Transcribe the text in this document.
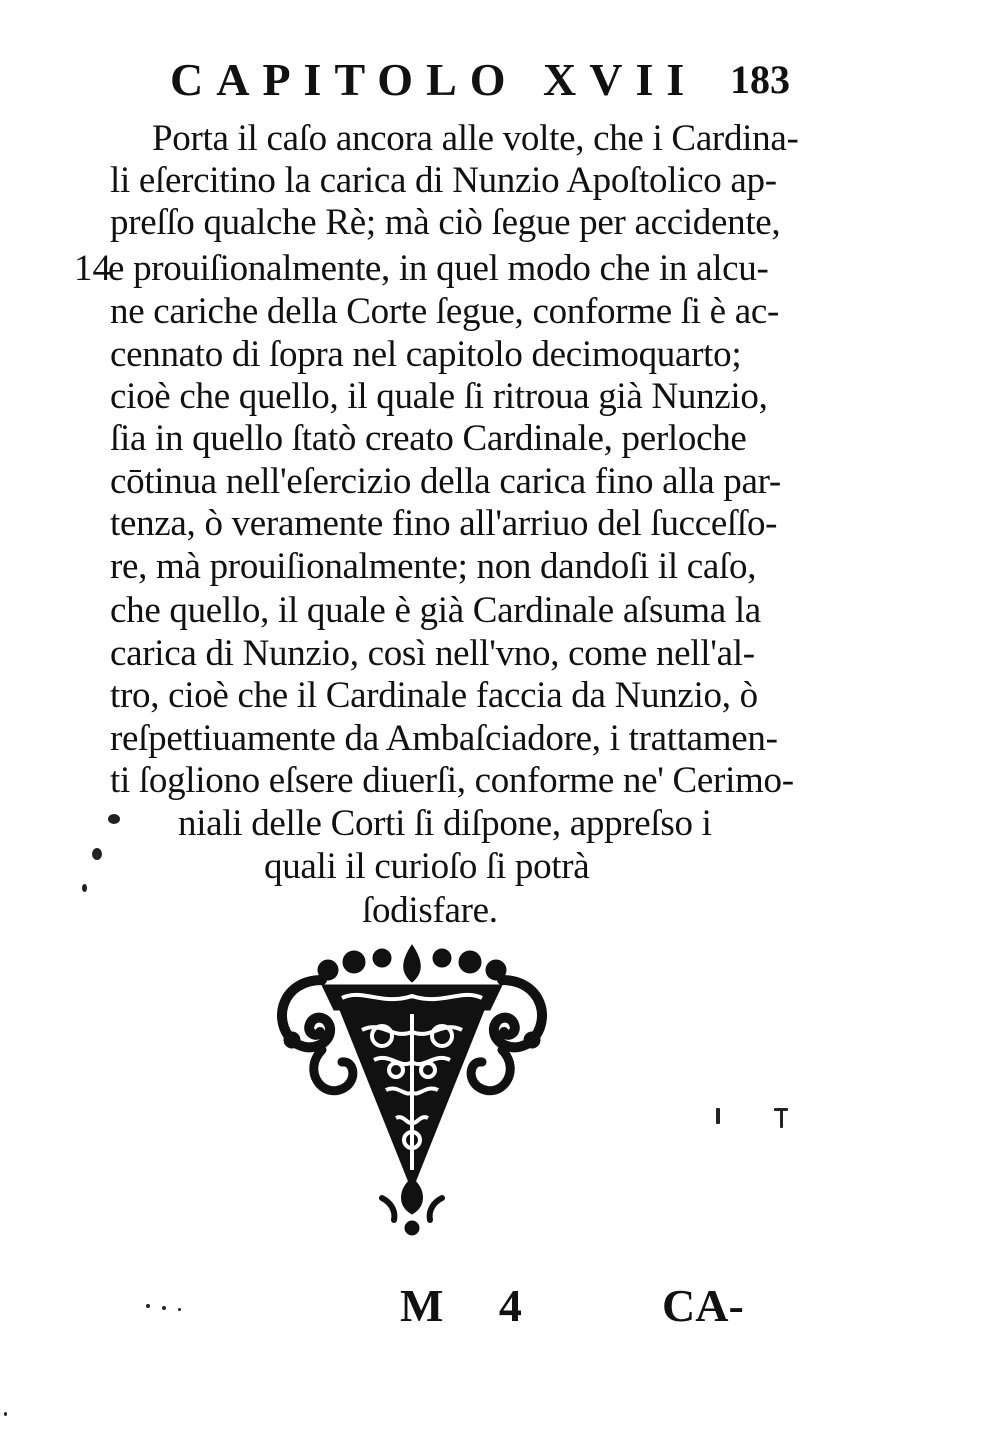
CAPITOLO XVII 183
14
Porta il caſo ancora alle volte, che i Cardina-
li eſercitino la carica di Nunzio Apoſtolico ap-
preſſo qualche Rè; mà ciò ſegue per accidente,
e prouiſionalmente, in quel modo che in alcu-
ne cariche della Corte ſegue, conforme ſi è ac-
cennato di ſopra nel capitolo decimoquarto;
cioè che quello, il quale ſi ritroua già Nunzio,
ſia in quello ſtatò creato Cardinale, perloche
cōtinua nell'eſercizio della carica fino alla par-
tenza, ò veramente fino all'arriuo del ſucceſſo-
re, mà prouiſionalmente; non dandoſi il caſo,
che quello, il quale è già Cardinale aſsuma la
carica di Nunzio, così nell'vno, come nell'al-
tro, cioè che il Cardinale faccia da Nunzio, ò
reſpettiuamente da Ambaſciadore, i trattamen-
ti ſogliono eſsere diuerſi, conforme ne' Cerimo-
niali delle Corti ſi diſpone, appreſso i
quali il curioſo ſi potrà
ſodisfare.
M 4	CA-
